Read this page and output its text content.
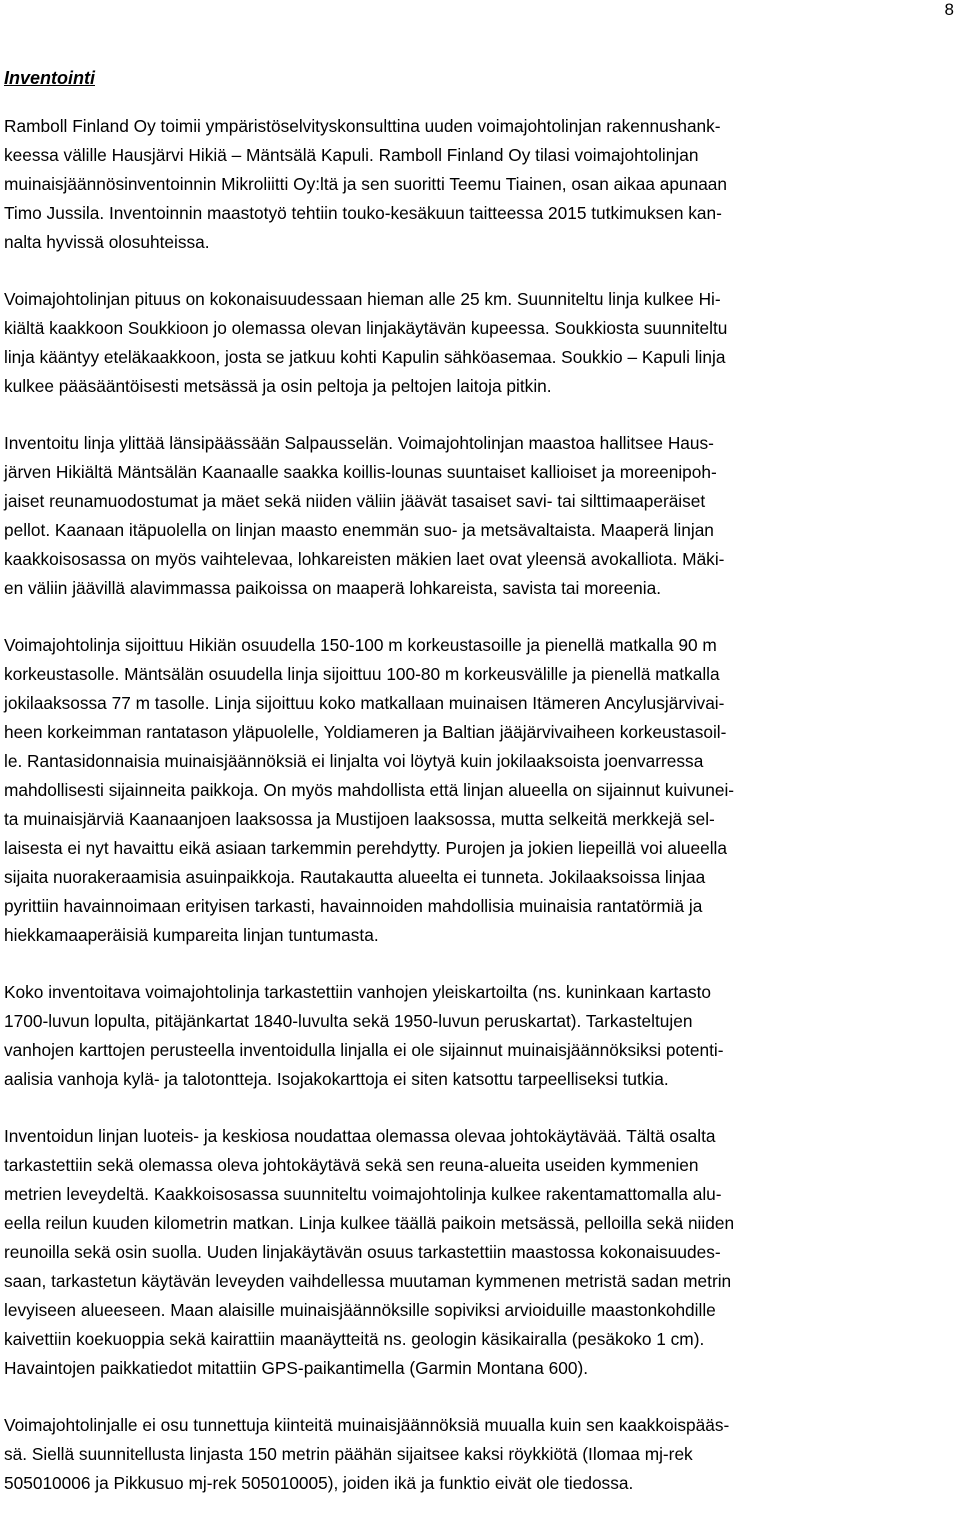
8
Inventointi

Ramboll Finland Oy toimii ympäristöselvityskonsulttina uuden voimajohtolinjan rakennushank-
keessa välille Hausjärvi Hikiä – Mäntsälä Kapuli. Ramboll Finland Oy tilasi voimajohtolinjan
muinaisjäännösinventoinnin Mikroliitti Oy:ltä ja sen suoritti Teemu Tiainen, osan aikaa apunaan
Timo Jussila. Inventoinnin maastotyö tehtiin touko-kesäkuun taitteessa 2015 tutkimuksen kan-
nalta hyvissä olosuhteissa.

Voimajohtolinjan pituus on kokonaisuudessaan hieman alle 25 km. Suunniteltu linja kulkee Hi-
kiältä kaakkoon Soukkioon jo olemassa olevan linjakäytävän kupeessa. Soukkiosta suunniteltu
linja kääntyy eteläkaakkoon, josta se jatkuu kohti Kapulin sähköasemaa. Soukkio – Kapuli linja
kulkee pääsääntöisesti metsässä ja osin peltoja ja peltojen laitoja pitkin.

Inventoitu linja ylittää länsipäässään Salpausselän. Voimajohtolinjan maastoa hallitsee Haus-
järven Hikiältä Mäntsälän Kaanaalle saakka koillis-lounas suuntaiset kallioiset ja moreenipoh-
jaiset reunamuodostumat ja mäet sekä niiden väliin jäävät tasaiset savi- tai silttimaaperäiset
pellot. Kaanaan itäpuolella on linjan maasto enemmän suo- ja metsävaltaista. Maaperä linjan
kaakkoisosassa on myös vaihtelevaa, lohkareisten mäkien laet ovat yleensä avokalliota. Mäki-
en väliin jäävillä alavimmassa paikoissa on maaperä lohkareista, savista tai moreenia.

Voimajohtolinja sijoittuu Hikiän osuudella 150-100 m korkeustasoille ja pienellä matkalla 90 m
korkeustasolle. Mäntsälän osuudella linja sijoittuu 100-80 m korkeusvälille ja pienellä matkalla
jokilaaksossa 77 m tasolle. Linja sijoittuu koko matkallaan muinaisen Itämeren Ancylusjärvivai-
heen korkeimman rantatason yläpuolelle, Yoldiameren ja Baltian jääjärvivaiheen korkeustasoil-
le. Rantasidonnaisia muinaisjäännöksiä ei linjalta voi löytyä kuin jokilaaksoista joenvarressa
mahdollisesti sijainneita paikkoja. On myös mahdollista että linjan alueella on sijainnut kuivunei-
ta muinaisjärviä Kaanaanjoen laaksossa ja Mustijoen laaksossa, mutta selkeitä merkkejä sel-
laisesta ei nyt havaittu eikä asiaan tarkemmin perehdytty. Purojen ja jokien liepeillä voi alueella
sijaita nuorakeraamisia asuinpaikkoja. Rautakautta alueelta ei tunneta. Jokilaaksoissa linjaa
pyrittiin havainnoimaan erityisen tarkasti, havainnoiden mahdollisia muinaisia rantatörmiä ja
hiekkamaaperäisiä kumpareita linjan tuntumasta.

Koko inventoitava voimajohtolinja tarkastettiin vanhojen yleiskartoilta (ns. kuninkaan kartasto
1700-luvun lopulta, pitäjänkartat 1840-luvulta sekä 1950-luvun peruskartat). Tarkasteltujen
vanhojen karttojen perusteella inventoidulla linjalla ei ole sijainnut muinaisjäännöksiksi potenti-
aalisia vanhoja kylä- ja talotontteja. Isojakokarttoja ei siten katsottu tarpeelliseksi tutkia.

Inventoidun linjan luoteis- ja keskiosa noudattaa olemassa olevaa johtokäytävää. Tältä osalta
tarkastettiin sekä olemassa oleva johtokäytävä sekä sen reuna-alueita useiden kymmenien
metrien leveydeltä. Kaakkoisosassa suunniteltu voimajohtolinja kulkee rakentamattomalla alu-
eella reilun kuuden kilometrin matkan. Linja kulkee täällä paikoin metsässä, pelloilla sekä niiden
reunoilla sekä osin suolla. Uuden linjakäytävän osuus tarkastettiin maastossa kokonaisuudes-
saan, tarkastetun käytävän leveyden vaihdellessa muutaman kymmenen metristä sadan metrin
levyiseen alueeseen. Maan alaisille muinaisjäännöksille sopiviksi arvioiduille maastonkohdille
kaivettiin koekuoppia sekä kairattiin maanäytteitä ns. geologin käsikairalla (pesäkoko 1 cm).
Havaintojen paikkatiedot mitattiin GPS-paikantimella (Garmin Montana 600).

Voimajohtolinjalle ei osu tunnettuja kiinteitä muinaisjäännöksiä muualla kuin sen kaakkoispääs-
sä. Siellä suunnitellusta linjasta 150 metrin päähän sijaitsee kaksi röykkiötä (Ilomaa mj-rek
505010006 ja Pikkusuo mj-rek 505010005), joiden ikä ja funktio eivät ole tiedossa.
